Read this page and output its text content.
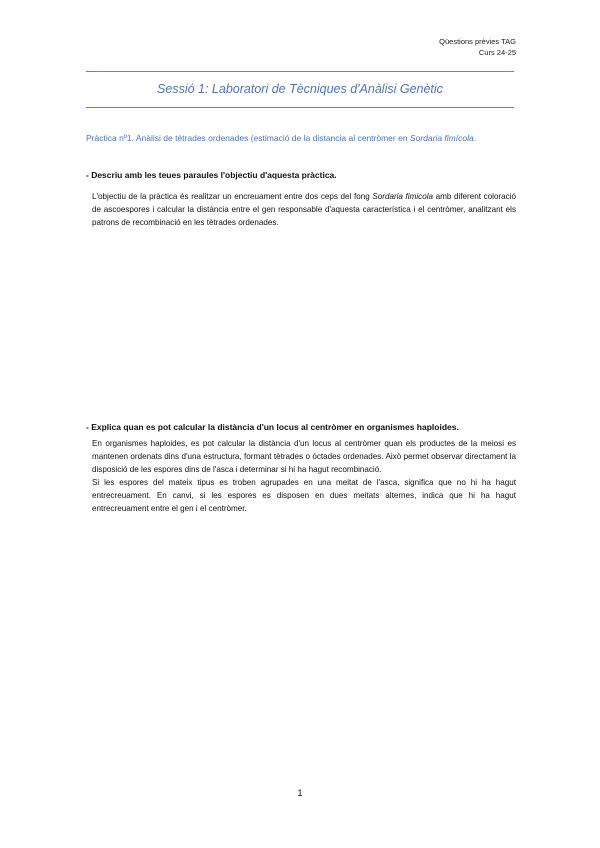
Qüestions prèvies TAG
Curs 24-25
Sessió 1: Laboratori de Tècniques d'Anàlisi Genètic
Pràctica nº1. Anàlisi de tètrades ordenades (estimació de la distancia al centròmer en Sordaria fimícola.
- Descriu amb les teues paraules l'objectiu d'aquesta pràctica.

L'objectiu de la pràctica és realitzar un encreuament entre dos ceps del fong Sordaria fimicola amb diferent coloració de ascoespores i calcular la distància entre el gen responsable d'aquesta característica i el centròmer, analitzant els patrons de recombinació en les tètrades ordenades.

- Explica quan es pot calcular la distància d'un locus al centròmer en organismes haploides.

En organismes haploides, es pot calcular la distància d'un locus al centròmer quan els productes de la meiosi es mantenen ordenats dins d'una estructura, formant tètrades o òctades ordenades. Això permet observar directament la disposició de les espores dins de l'asca i determinar si hi ha hagut recombinació.

Si les espores del mateix tipus es troben agrupades en una meitat de l'asca, significa que no hi ha hagut entrecreuament. En canvi, si les espores es disposen en dues meitats alternes, indica que hi ha hagut entrecreuament entre el gen i el centròmer.

1
